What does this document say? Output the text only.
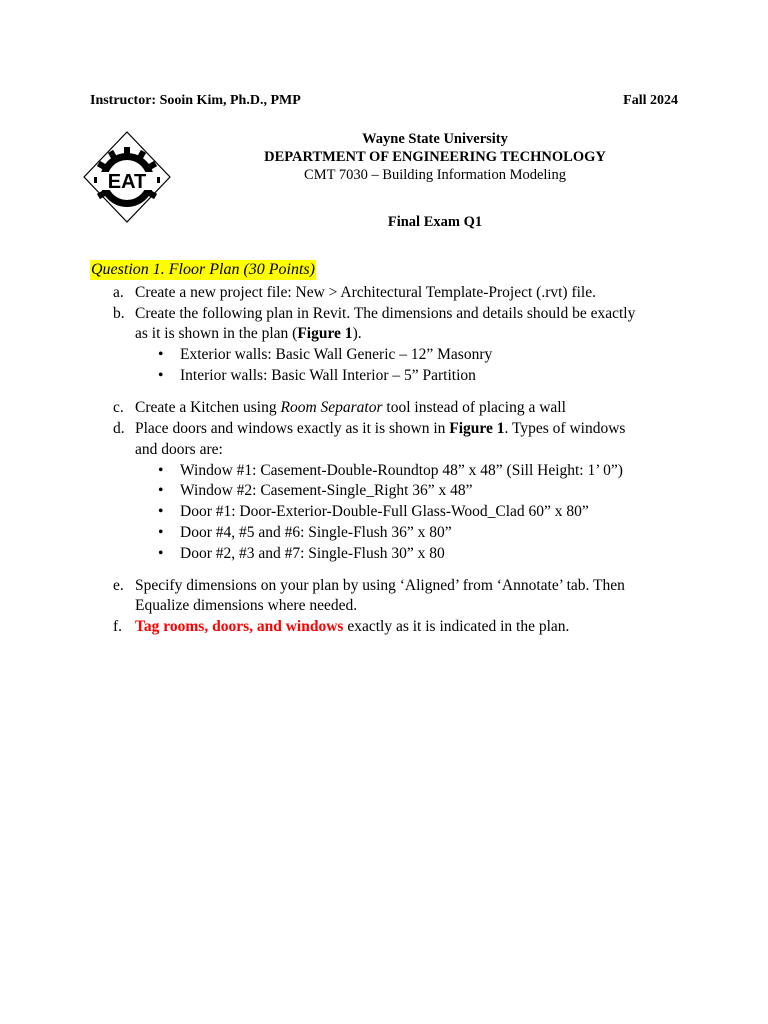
Instructor: Sooin Kim, Ph.D., PMP	Fall 2024
EAT
Wayne State University
DEPARTMENT OF ENGINEERING TECHNOLOGY
CMT 7030 – Building Information Modeling
Final Exam Q1
Question 1. Floor Plan (30 Points)
a. Create a new project file: New > Architectural Template-Project (.rvt) file.
b. Create the following plan in Revit. The dimensions and details should be exactly
as it is shown in the plan (Figure 1).
• Exterior walls: Basic Wall Generic – 12” Masonry
• Interior walls: Basic Wall Interior – 5” Partition
c. Create a Kitchen using Room Separator tool instead of placing a wall
d. Place doors and windows exactly as it is shown in Figure 1. Types of windows
and doors are:
• Window #1: Casement-Double-Roundtop 48” x 48” (Sill Height: 1’ 0”)
• Window #2: Casement-Single_Right 36” x 48”
• Door #1: Door-Exterior-Double-Full Glass-Wood_Clad 60” x 80”
• Door #4, #5 and #6: Single-Flush 36” x 80”
• Door #2, #3 and #7: Single-Flush 30” x 80
e. Specify dimensions on your plan by using ‘Aligned’ from ‘Annotate’ tab. Then
Equalize dimensions where needed.
f. Tag rooms, doors, and windows exactly as it is indicated in the plan.
